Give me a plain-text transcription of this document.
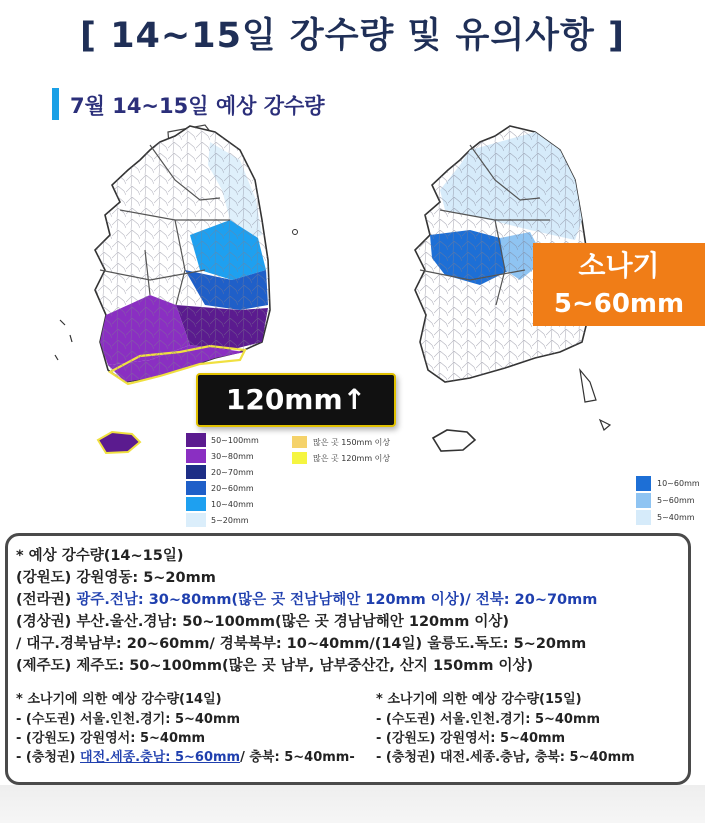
[ 14~15일 강수량 및 유의사항 ]
7월 14~15일 예상 강수량
120mm↑
소나기
5~60mm
50~100mm
30~80mm
20~70mm
20~60mm
10~40mm
5~20mm
많은 곳 150mm 이상
많은 곳 120mm 이상
10~60mm
5~60mm
5~40mm
* 예상 강수량(14~15일)
(강원도) 강원영동: 5~20mm
(전라권) 광주.전남: 30~80mm(많은 곳 전남남해안 120mm 이상)/ 전북: 20~70mm
(경상권) 부산.울산.경남: 50~100mm(많은 곳 경남남해안 120mm 이상)
/ 대구.경북남부: 20~60mm/ 경북북부: 10~40mm/(14일) 울릉도.독도: 5~20mm
(제주도) 제주도: 50~100mm(많은 곳 남부, 남부중산간, 산지 150mm 이상)
* 소나기에 의한 예상 강수량(14일)
- (수도권) 서울.인천.경기: 5~40mm
- (강원도) 강원영서: 5~40mm
- (충청권) 대전.세종.충남: 5~60mm/ 충북: 5~40mm-
* 소나기에 의한 예상 강수량(15일)
- (수도권) 서울.인천.경기: 5~40mm
- (강원도) 강원영서: 5~40mm
- (충청권) 대전.세종.충남, 충북: 5~40mm
